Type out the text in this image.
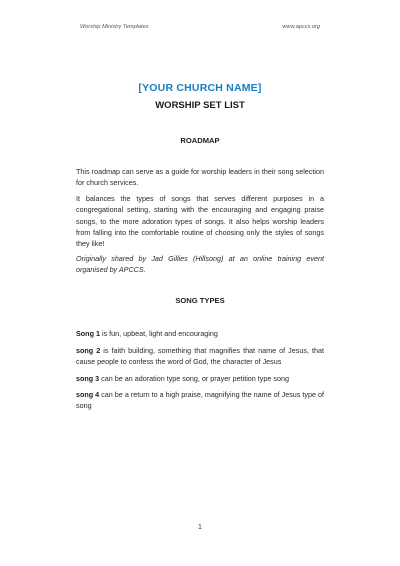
Worship Ministry Templates	www.apccs.org
[YOUR CHURCH NAME]
WORSHIP SET LIST
ROADMAP
This roadmap can serve as a guide for worship leaders in their song selection for church services.
It balances the types of songs that serves different purposes in a congregational setting, starting with the encouraging and engaging praise songs, to the more adoration types of songs. It also helps worship leaders from falling into the comfortable routine of choosing only the styles of songs they like!
Originally shared by Jad Gillies (Hillsong) at an online training event organised by APCCS.
SONG TYPES
Song 1 is fun, upbeat, light and encouraging
song 2 is faith building, something that magnifies that name of Jesus, that cause people to confess the word of God, the character of Jesus
song 3 can be an adoration type song, or prayer petition type song
song 4 can be a return to a high praise, magnifying the name of Jesus type of song
1
